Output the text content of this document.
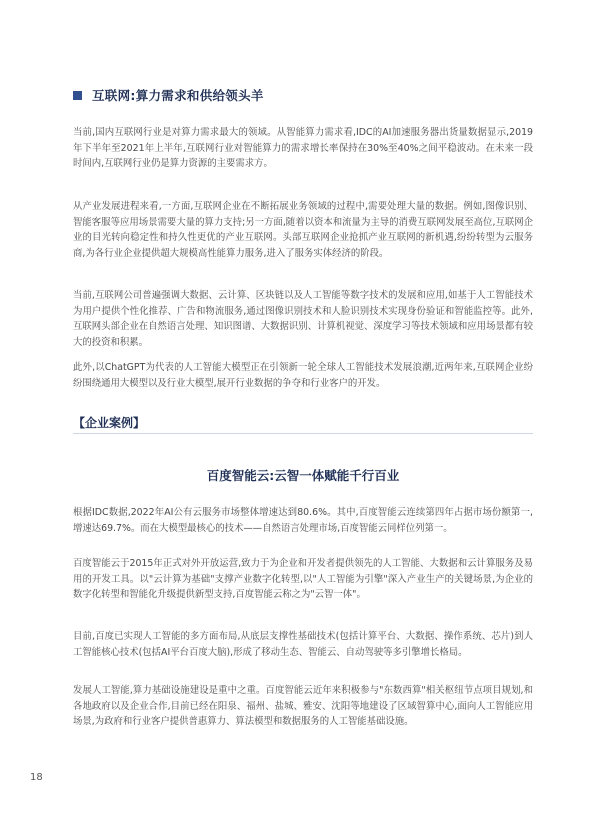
互联网:算力需求和供给领头羊

当前,国内互联网行业是对算力需求最大的领域。从智能算力需求看,IDC的AI加速服务器出货量数据显示,2019年下半年至2021年上半年,互联网行业对智能算力的需求增长率保持在30%至40%之间平稳波动。在未来一段时间内,互联网行业仍是算力资源的主要需求方。

从产业发展进程来看,一方面,互联网企业在不断拓展业务领域的过程中,需要处理大量的数据。例如,图像识别、智能客服等应用场景需要大量的算力支持;另一方面,随着以资本和流量为主导的消费互联网发展至高位,互联网企业的目光转向稳定性和持久性更优的产业互联网。头部互联网企业抢抓产业互联网的新机遇,纷纷转型为云服务商,为各行业企业提供超大规模高性能算力服务,进入了服务实体经济的阶段。

当前,互联网公司普遍强调大数据、云计算、区块链以及人工智能等数字技术的发展和应用,如基于人工智能技术为用户提供个性化推荐、广告和物流服务,通过图像识别技术和人脸识别技术实现身份验证和智能监控等。此外,互联网头部企业在自然语言处理、知识图谱、大数据识别、计算机视觉、深度学习等技术领域和应用场景都有较大的投资和积累。

此外,以ChatGPT为代表的人工智能大模型正在引领新一轮全球人工智能技术发展浪潮,近两年来,互联网企业纷纷围绕通用大模型以及行业大模型,展开行业数据的争夺和行业客户的开发。

【企业案例】
百度智能云:云智一体赋能千行百业

根据IDC数据,2022年AI公有云服务市场整体增速达到80.6%。其中,百度智能云连续第四年占据市场份额第一,增速达69.7%。而在大模型最核心的技术——自然语言处理市场,百度智能云同样位列第一。

百度智能云于2015年正式对外开放运营,致力于为企业和开发者提供领先的人工智能、大数据和云计算服务及易用的开发工具。以"云计算为基础"支撑产业数字化转型,以"人工智能为引擎"深入产业生产的关键场景,为企业的数字化转型和智能化升级提供新型支持,百度智能云称之为"云智一体"。

目前,百度已实现人工智能的多方面布局,从底层支撑性基础技术(包括计算平台、大数据、操作系统、芯片)到人工智能核心技术(包括AI平台百度大脑),形成了移动生态、智能云、自动驾驶等多引擎增长格局。

发展人工智能,算力基础设施建设是重中之重。百度智能云近年来积极参与"东数西算"相关枢纽节点项目规划,和各地政府以及企业合作,目前已经在阳泉、福州、盐城、雅安、沈阳等地建设了区域智算中心,面向人工智能应用场景,为政府和行业客户提供普惠算力、算法模型和数据服务的人工智能基础设施。

18
